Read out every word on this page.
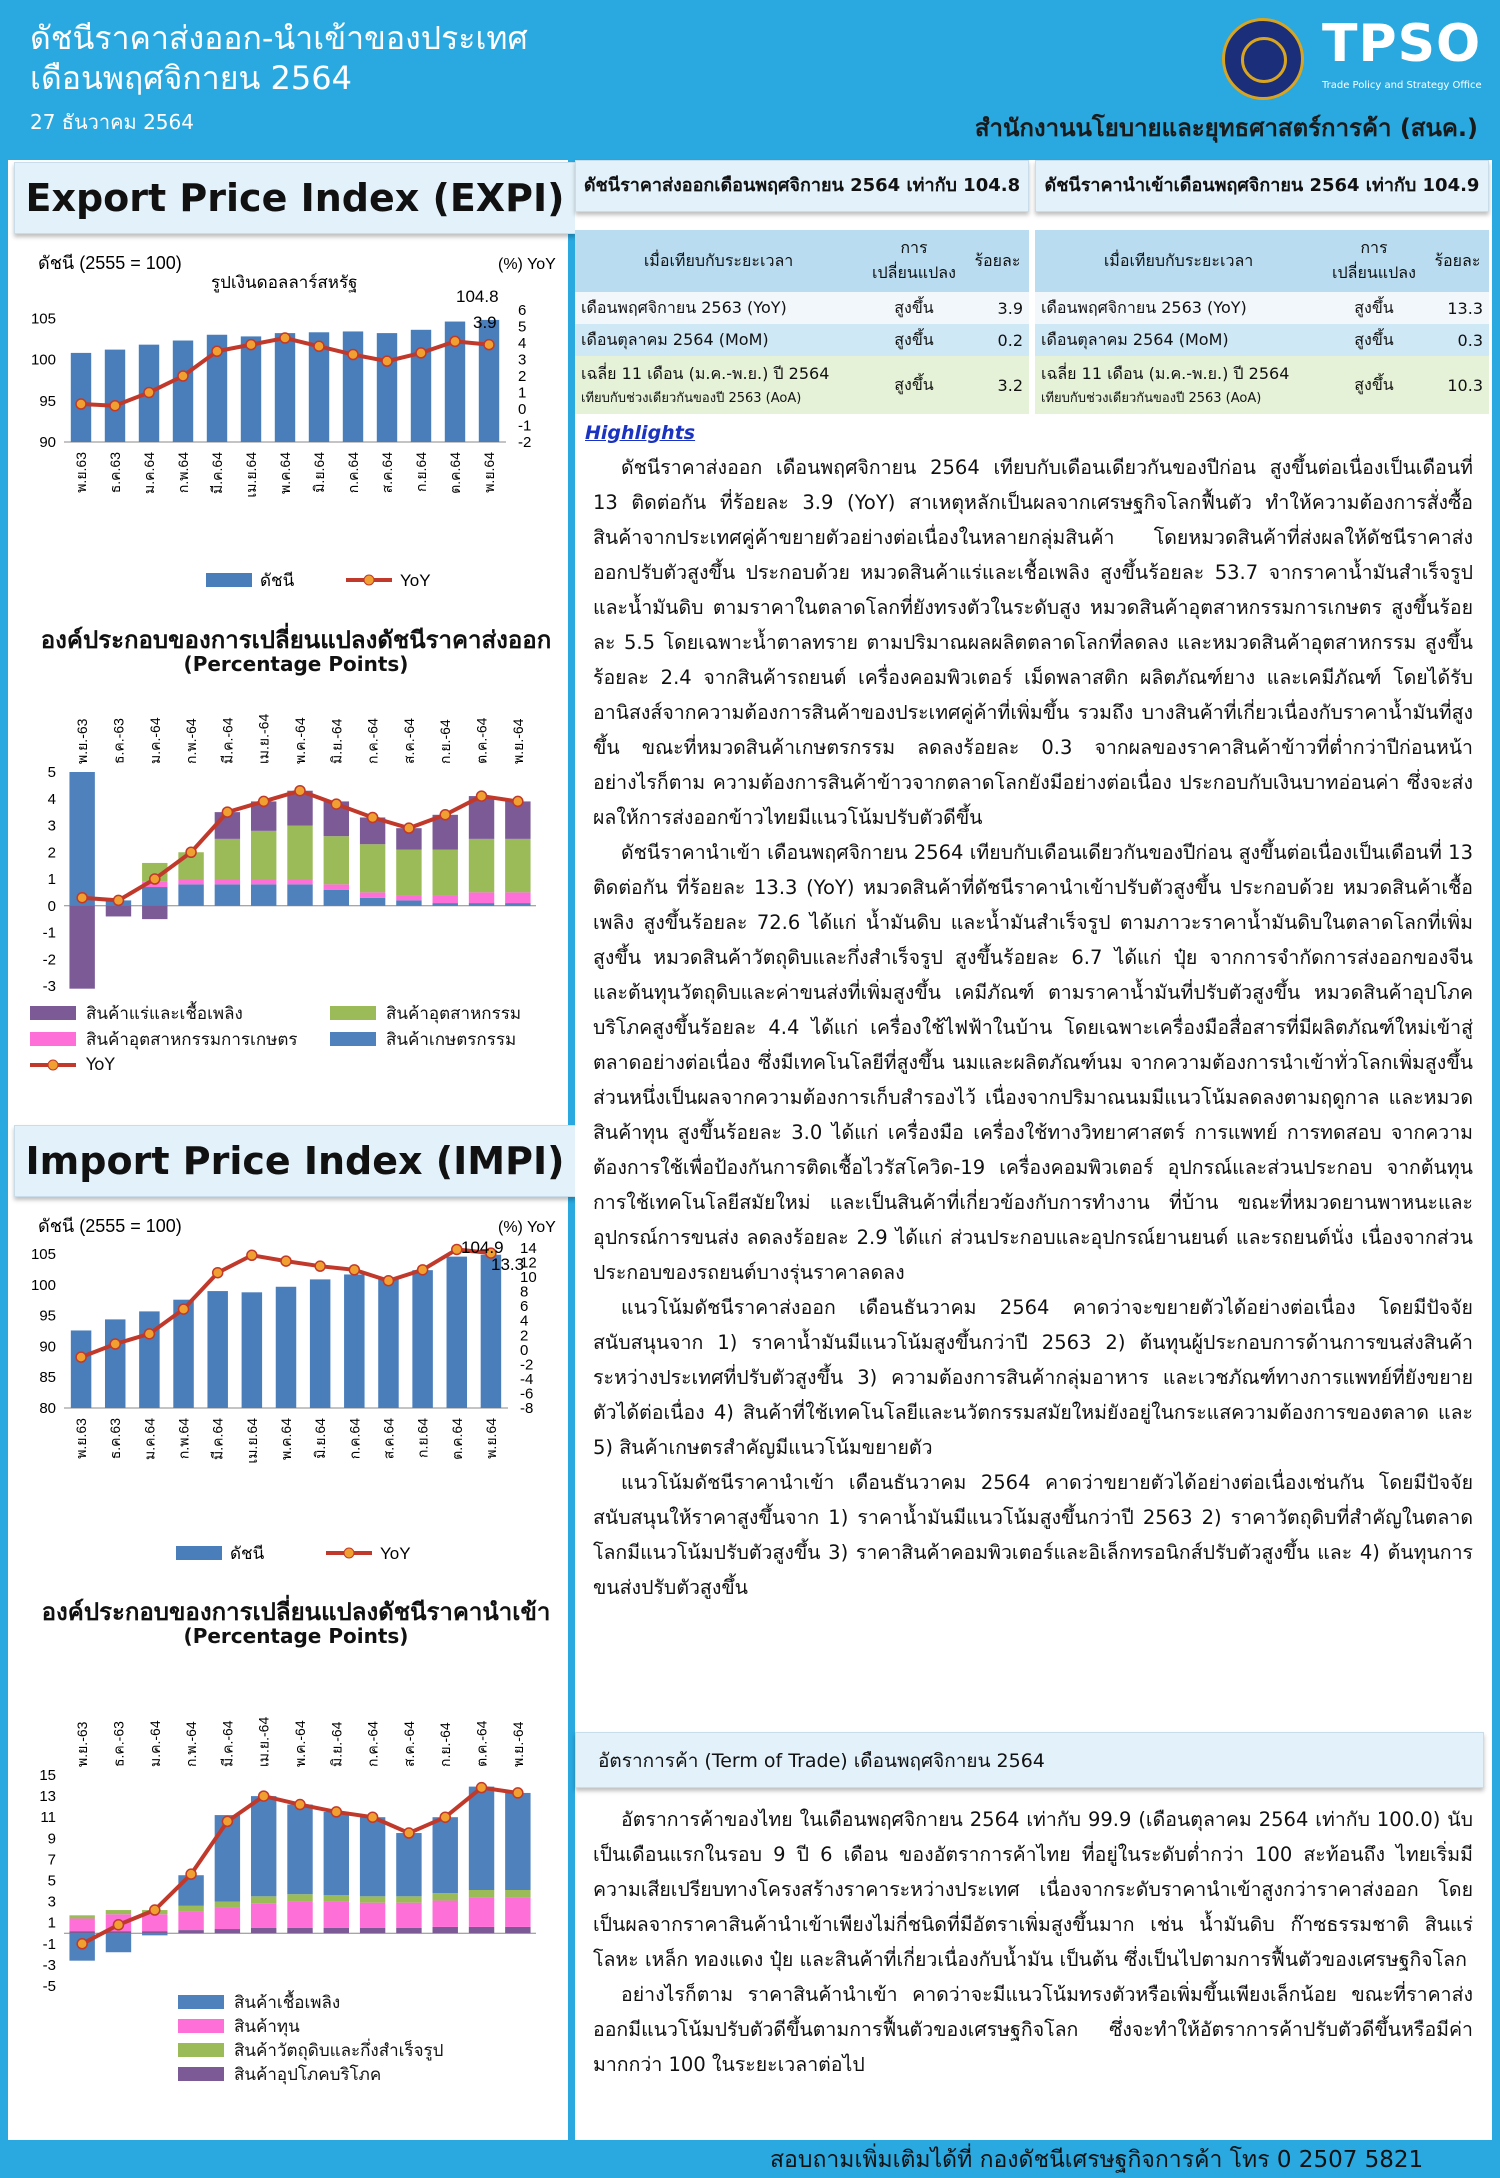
ดัชนีราคาส่งออก-นำเข้าของประเทศ
เดือนพฤศจิกายน 2564
27 ธันวาคม 2564
TPSO
Trade Policy and Strategy Office
สำนักงานนโยบายและยุทธศาสตร์การค้า (สนค.)
Export Price Index (EXPI)
ดัชนี (2555 = 100)
รูปเงินดอลลาร์สหรัฐ
(%) YoY
90
95
100
105
-2
-1
0
1
2
3
4
5
6
พ.ย.63 ธ.ค.63 ม.ค.64 ก.พ.64 มี.ค.64 เม.ย.64 พ.ค.64 มิ.ย.64 ก.ค.64 ส.ค.64 ก.ย.64 ต.ค.64 พ.ย.64
104.8
3.9
ดัชนี	YoY
องค์ประกอบของการเปลี่ยนแปลงดัชนีราคาส่งออก
(Percentage Points)
-3
-2
-1
0
1
2
3
4
5
พ.ย.-63 ธ.ค.-63 ม.ค.-64 ก.พ.-64 มี.ค.-64 เม.ย.-64 พ.ค.-64 มิ.ย.-64 ก.ค.-64 ส.ค.-64 ก.ย.-64 ต.ค.-64 พ.ย.-64
สินค้าแร่และเชื้อเพลิง	สินค้าอุตสาหกรรม
สินค้าอุตสาหกรรมการเกษตร	สินค้าเกษตรกรรม
YoY
Import Price Index (IMPI)
ดัชนี (2555 = 100)	(%) YoY
80
85
90
95
100
105
-8
-6
-4
-2
0
2
4
6
8
10
12
14
พ.ย.63 ธ.ค.63 ม.ค.64 ก.พ.64 มี.ค.64 เม.ย.64 พ.ค.64 มิ.ย.64 ก.ค.64 ส.ค.64 ก.ย.64 ต.ค.64 พ.ย.64
104.9
13.3
ดัชนี	YoY
องค์ประกอบของการเปลี่ยนแปลงดัชนีราคานำเข้า
(Percentage Points)
-5
-3
-1
1
3
5
7
9
11
13
15
พ.ย.-63 ธ.ค.-63 ม.ค.-64 ก.พ.-64 มี.ค.-64 เม.ย.-64 พ.ค.-64 มิ.ย.-64 ก.ค.-64 ส.ค.-64 ก.ย.-64 ต.ค.-64 พ.ย.-64
สินค้าเชื้อเพลิง
สินค้าทุน
สินค้าวัตถุดิบและกึ่งสำเร็จรูป
สินค้าอุปโภคบริโภค
ดัชนีราคาส่งออกเดือนพฤศจิกายน 2564 เท่ากับ 104.8
เมื่อเทียบกับระยะเวลา	การ
เปลี่ยนแปลง	ร้อยละ
เดือนพฤศจิกายน 2563 (YoY)	สูงขึ้น	3.9
เดือนตุลาคม 2564 (MoM)	สูงขึ้น	0.2

เฉลี่ย 11 เดือน (ม.ค.-พ.ย.) ปี 2564
เทียบกับช่วงเดียวกันของปี 2563 (AoA)	สูงขึ้น	3.2
ดัชนีราคานำเข้าเดือนพฤศจิกายน 2564 เท่ากับ 104.9
เมื่อเทียบกับระยะเวลา	การ
เปลี่ยนแปลง	ร้อยละ
เดือนพฤศจิกายน 2563 (YoY)	สูงขึ้น	13.3
เดือนตุลาคม 2564 (MoM)	สูงขึ้น	0.3

เฉลี่ย 11 เดือน (ม.ค.-พ.ย.) ปี 2564
เทียบกับช่วงเดียวกันของปี 2563 (AoA)	สูงขึ้น	10.3
Highlights

ดัชนีราคาส่งออก เดือนพฤศจิกายน 2564 เทียบกับเดือนเดียวกันของปีก่อน สูงขึ้นต่อเนื่องเป็นเดือนที่ 13 ติดต่อกัน ที่ร้อยละ 3.9 (YoY) สาเหตุหลักเป็นผลจากเศรษฐกิจโลกฟื้นตัว ทำให้ความต้องการสั่งซื้อสินค้าจากประเทศคู่ค้าขยายตัวอย่างต่อเนื่องในหลายกลุ่มสินค้า โดยหมวดสินค้าที่ส่งผลให้ดัชนีราคาส่งออกปรับตัวสูงขึ้น ประกอบด้วย หมวดสินค้าแร่และเชื้อเพลิง สูงขึ้นร้อยละ 53.7 จากราคาน้ำมันสำเร็จรูป และน้ำมันดิบ ตามราคาในตลาดโลกที่ยังทรงตัวในระดับสูง หมวดสินค้าอุตสาหกรรมการเกษตร สูงขึ้นร้อยละ 5.5 โดยเฉพาะน้ำตาลทราย ตามปริมาณผลผลิตตลาดโลกที่ลดลง และหมวดสินค้าอุตสาหกรรม สูงขึ้นร้อยละ 2.4 จากสินค้ารถยนต์ เครื่องคอมพิวเตอร์ เม็ดพลาสติก ผลิตภัณฑ์ยาง และเคมีภัณฑ์ โดยได้รับอานิสงส์จากความต้องการสินค้าของประเทศคู่ค้าที่เพิ่มขึ้น รวมถึง บางสินค้าที่เกี่ยวเนื่องกับราคาน้ำมันที่สูงขึ้น ขณะที่หมวดสินค้าเกษตรกรรม ลดลงร้อยละ 0.3 จากผลของราคาสินค้าข้าวที่ต่ำกว่าปีก่อนหน้า อย่างไรก็ตาม ความต้องการสินค้าข้าวจากตลาดโลกยังมีอย่างต่อเนื่อง ประกอบกับเงินบาทอ่อนค่า ซึ่งจะส่งผลให้การส่งออกข้าวไทยมีแนวโน้มปรับตัวดีขึ้น

ดัชนีราคานำเข้า เดือนพฤศจิกายน 2564 เทียบกับเดือนเดียวกันของปีก่อน สูงขึ้นต่อเนื่องเป็นเดือนที่ 13 ติดต่อกัน ที่ร้อยละ 13.3 (YoY) หมวดสินค้าที่ดัชนีราคานำเข้าปรับตัวสูงขึ้น ประกอบด้วย หมวดสินค้าเชื้อเพลิง สูงขึ้นร้อยละ 72.6 ได้แก่ น้ำมันดิบ และน้ำมันสำเร็จรูป ตามภาวะราคาน้ำมันดิบในตลาดโลกที่เพิ่มสูงขึ้น หมวดสินค้าวัตถุดิบและกึ่งสำเร็จรูป สูงขึ้นร้อยละ 6.7 ได้แก่ ปุ๋ย จากการจำกัดการส่งออกของจีน และต้นทุนวัตถุดิบและค่าขนส่งที่เพิ่มสูงขึ้น เคมีภัณฑ์ ตามราคาน้ำมันที่ปรับตัวสูงขึ้น หมวดสินค้าอุปโภคบริโภคสูงขึ้นร้อยละ 4.4 ได้แก่ เครื่องใช้ไฟฟ้าในบ้าน โดยเฉพาะเครื่องมือสื่อสารที่มีผลิตภัณฑ์ใหม่เข้าสู่ตลาดอย่างต่อเนื่อง ซึ่งมีเทคโนโลยีที่สูงขึ้น นมและผลิตภัณฑ์นม จากความต้องการนำเข้าทั่วโลกเพิ่มสูงขึ้น ส่วนหนึ่งเป็นผลจากความต้องการเก็บสำรองไว้ เนื่องจากปริมาณนมมีแนวโน้มลดลงตามฤดูกาล และหมวดสินค้าทุน สูงขึ้นร้อยละ 3.0 ได้แก่ เครื่องมือ เครื่องใช้ทางวิทยาศาสตร์ การแพทย์ การทดสอบ จากความต้องการใช้เพื่อป้องกันการติดเชื้อไวรัสโควิด-19 เครื่องคอมพิวเตอร์ อุปกรณ์และส่วนประกอบ จากต้นทุนการใช้เทคโนโลยีสมัยใหม่ และเป็นสินค้าที่เกี่ยวข้องกับการทำงาน ที่บ้าน ขณะที่หมวดยานพาหนะและอุปกรณ์การขนส่ง ลดลงร้อยละ 2.9 ได้แก่ ส่วนประกอบและอุปกรณ์ยานยนต์ และรถยนต์นั่ง เนื่องจากส่วนประกอบของรถยนต์บางรุ่นราคาลดลง

แนวโน้มดัชนีราคาส่งออก เดือนธันวาคม 2564 คาดว่าจะขยายตัวได้อย่างต่อเนื่อง โดยมีปัจจัยสนับสนุนจาก 1) ราคาน้ำมันมีแนวโน้มสูงขึ้นกว่าปี 2563 2) ต้นทุนผู้ประกอบการด้านการขนส่งสินค้าระหว่างประเทศที่ปรับตัวสูงขึ้น 3) ความต้องการสินค้ากลุ่มอาหาร และเวชภัณฑ์ทางการแพทย์ที่ยังขยายตัวได้ต่อเนื่อง 4) สินค้าที่ใช้เทคโนโลยีและนวัตกรรมสมัยใหม่ยังอยู่ในกระแสความต้องการของตลาด และ 5) สินค้าเกษตรสำคัญมีแนวโน้มขยายตัว

แนวโน้มดัชนีราคานำเข้า เดือนธันวาคม 2564 คาดว่าขยายตัวได้อย่างต่อเนื่องเช่นกัน โดยมีปัจจัยสนับสนุนให้ราคาสูงขึ้นจาก 1) ราคาน้ำมันมีแนวโน้มสูงขึ้นกว่าปี 2563 2) ราคาวัตถุดิบที่สำคัญในตลาดโลกมีแนวโน้มปรับตัวสูงขึ้น 3) ราคาสินค้าคอมพิวเตอร์และอิเล็กทรอนิกส์ปรับตัวสูงขึ้น และ 4) ต้นทุนการขนส่งปรับตัวสูงขึ้น

อัตราการค้า (Term of Trade) เดือนพฤศจิกายน 2564

อัตราการค้าของไทย ในเดือนพฤศจิกายน 2564 เท่ากับ 99.9 (เดือนตุลาคม 2564 เท่ากับ 100.0) นับเป็นเดือนแรกในรอบ 9 ปี 6 เดือน ของอัตราการค้าไทย ที่อยู่ในระดับต่ำกว่า 100 สะท้อนถึง ไทยเริ่มมีความเสียเปรียบทางโครงสร้างราคาระหว่างประเทศ เนื่องจากระดับราคานำเข้าสูงกว่าราคาส่งออก โดยเป็นผลจากราคาสินค้านำเข้าเพียงไม่กี่ชนิดที่มีอัตราเพิ่มสูงขึ้นมาก เช่น น้ำมันดิบ ก๊าซธรรมชาติ สินแร่โลหะ เหล็ก ทองแดง ปุ๋ย และสินค้าที่เกี่ยวเนื่องกับน้ำมัน เป็นต้น ซึ่งเป็นไปตามการฟื้นตัวของเศรษฐกิจโลก

อย่างไรก็ตาม ราคาสินค้านำเข้า คาดว่าจะมีแนวโน้มทรงตัวหรือเพิ่มขึ้นเพียงเล็กน้อย ขณะที่ราคาส่งออกมีแนวโน้มปรับตัวดีขึ้นตามการฟื้นตัวของเศรษฐกิจโลก ซึ่งจะทำให้อัตราการค้าปรับตัวดีขึ้นหรือมีค่ามากกว่า 100 ในระยะเวลาต่อไป

สอบถามเพิ่มเติมได้ที่ กองดัชนีเศรษฐกิจการค้า โทร 0 2507 5821
